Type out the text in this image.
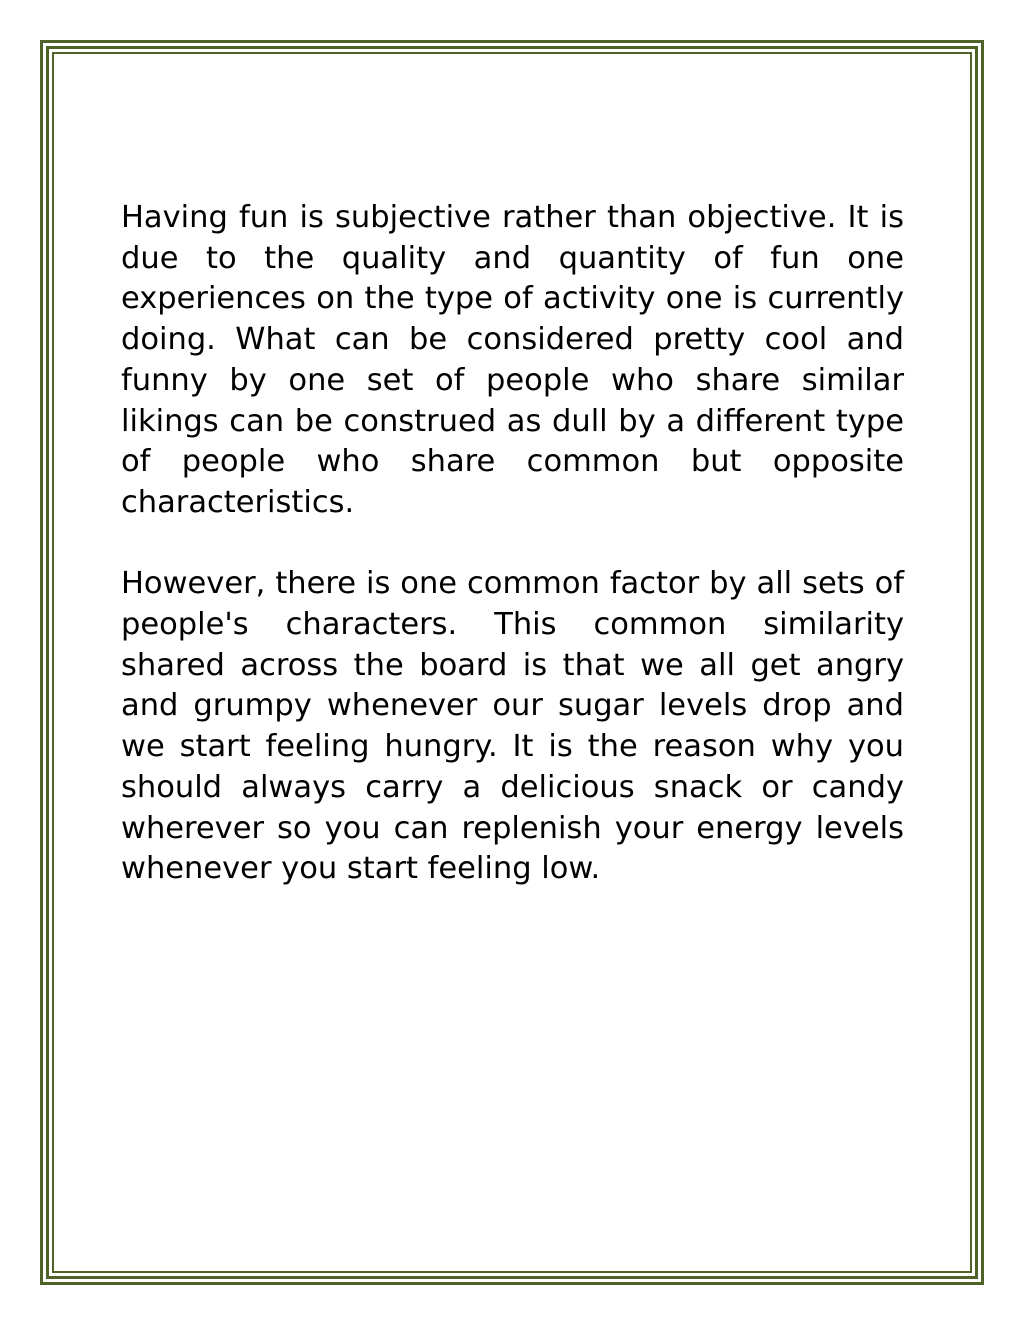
Having fun is subjective rather than objective. It is due to the quality and quantity of fun one experiences on the type of activity one is currently doing. What can be considered pretty cool and funny by one set of people who share similar likings can be construed as dull by a different type of people who share common but opposite characteristics.

However, there is one common factor by all sets of people's characters. This common similarity shared across the board is that we all get angry and grumpy whenever our sugar levels drop and we start feeling hungry. It is the reason why you should always carry a delicious snack or candy wherever so you can replenish your energy levels whenever you start feeling low.
